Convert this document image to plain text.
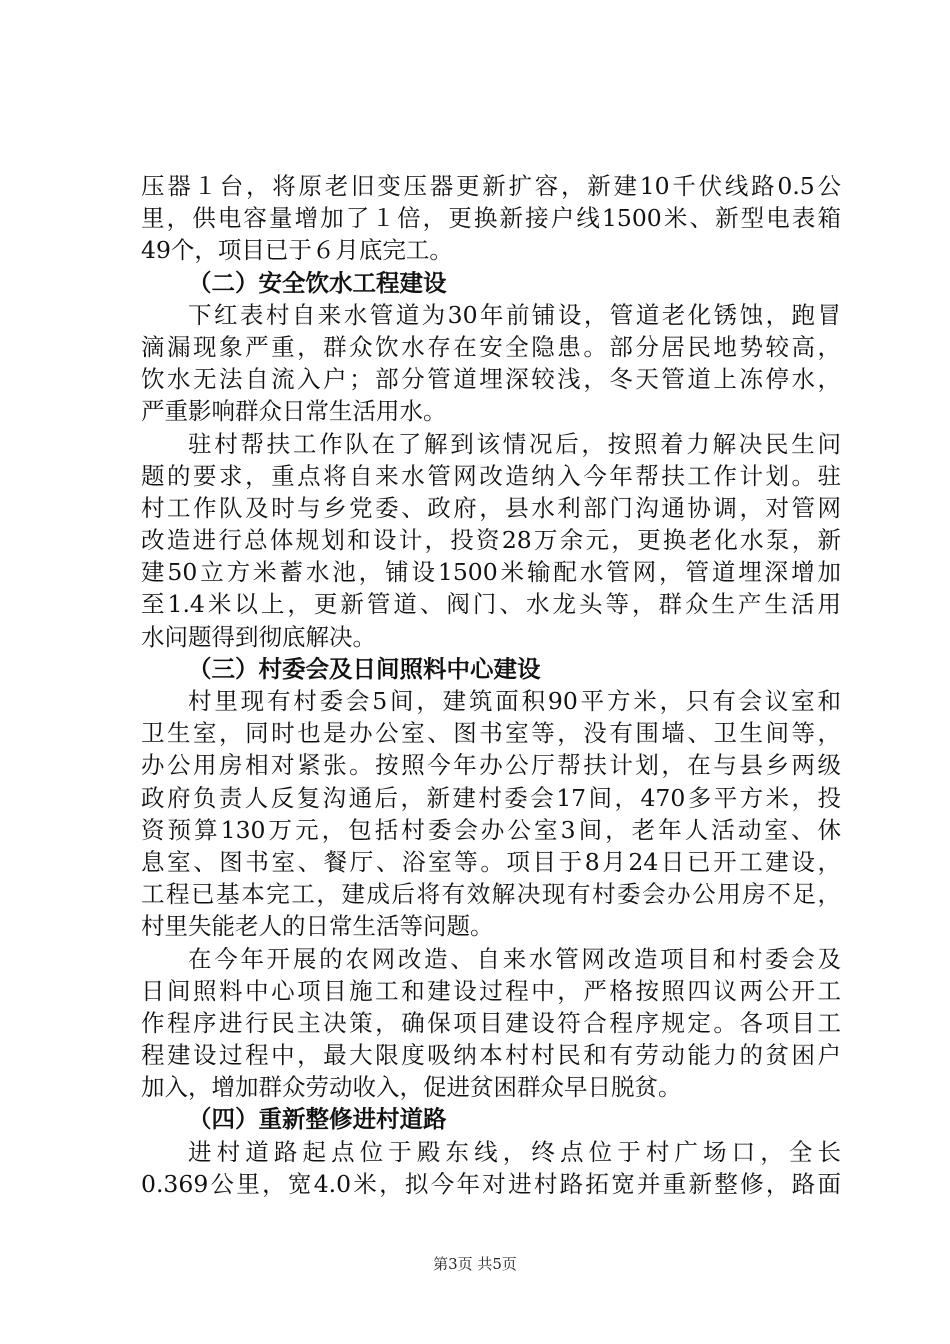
压器１台，将原老旧变压器更新扩容，新建10千伏线路0.5公
里，供电容量增加了１倍，更换新接户线1500米、新型电表箱
49个，项目已于６月底完工。
（二）安全饮水工程建设
下红表村自来水管道为30年前铺设，管道老化锈蚀，跑冒
滴漏现象严重，群众饮水存在安全隐患。部分居民地势较高，
饮水无法自流入户；部分管道埋深较浅，冬天管道上冻停水，
严重影响群众日常生活用水。
驻村帮扶工作队在了解到该情况后，按照着力解决民生问
题的要求，重点将自来水管网改造纳入今年帮扶工作计划。驻
村工作队及时与乡党委、政府，县水利部门沟通协调，对管网
改造进行总体规划和设计，投资28万余元，更换老化水泵，新
建50立方米蓄水池，铺设1500米输配水管网，管道埋深增加
至1.4米以上，更新管道、阀门、水龙头等，群众生产生活用
水问题得到彻底解决。
（三）村委会及日间照料中心建设
村里现有村委会5间，建筑面积90平方米，只有会议室和
卫生室，同时也是办公室、图书室等，没有围墙、卫生间等，
办公用房相对紧张。按照今年办公厅帮扶计划，在与县乡两级
政府负责人反复沟通后，新建村委会17间，470多平方米，投
资预算130万元，包括村委会办公室3间，老年人活动室、休
息室、图书室、餐厅、浴室等。项目于8月24日已开工建设，
工程已基本完工，建成后将有效解决现有村委会办公用房不足，
村里失能老人的日常生活等问题。
在今年开展的农网改造、自来水管网改造项目和村委会及
日间照料中心项目施工和建设过程中，严格按照四议两公开工
作程序进行民主决策，确保项目建设符合程序规定。各项目工
程建设过程中，最大限度吸纳本村村民和有劳动能力的贫困户
加入，增加群众劳动收入，促进贫困群众早日脱贫。
（四）重新整修进村道路
进村道路起点位于殿东线，终点位于村广场口，全长
0.369公里，宽4.0米，拟今年对进村路拓宽并重新整修，路面
第3页 共5页
